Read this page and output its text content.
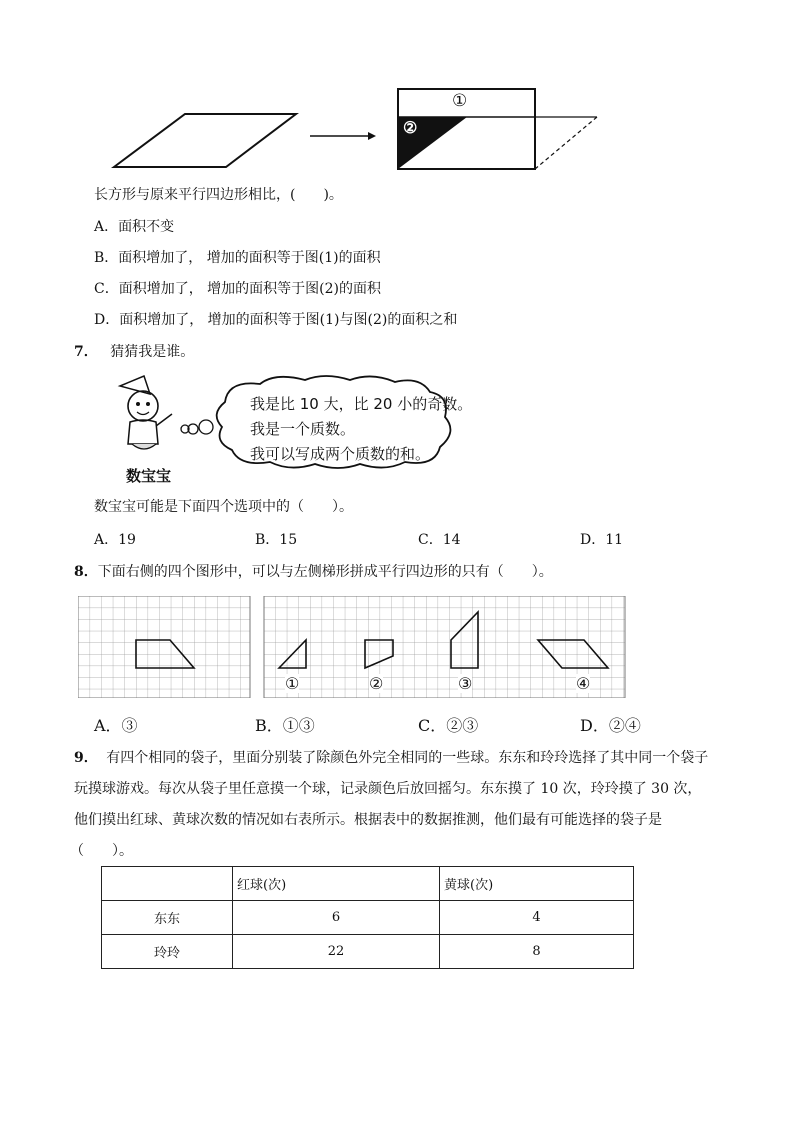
①
②
长方形与原来平行四边形相比，(　　)。
A．面积不变
B．面积增加了， 增加的面积等于图(1)的面积
C．面积增加了， 增加的面积等于图(2)的面积
D．面积增加了， 增加的面积等于图(1)与图(2)的面积之和
7． 猜猜我是谁。
我是比 10 大，比 20 小的奇数。
我是一个质数。
我可以写成两个质数的和。
数宝宝
数宝宝可能是下面四个选项中的（　　）。
A．19	B．15	C．14	D．11
8．下面右侧的四个图形中，可以与左侧梯形拼成平行四边形的只有（　　）。
①	②	③	④
A．③	B．①③	C．②③	D．②④
9． 有四个相同的袋子，里面分别装了除颜色外完全相同的一些球。东东和玲玲选择了其中同一个袋子
玩摸球游戏。每次从袋子里任意摸一个球，记录颜色后放回摇匀。东东摸了 10 次，玲玲摸了 30 次，
他们摸出红球、黄球次数的情况如右表所示。根据表中的数据推测，他们最有可能选择的袋子是
（　　）。
	红球(次)	黄球(次)
东东	6	4
玲玲	22	8
